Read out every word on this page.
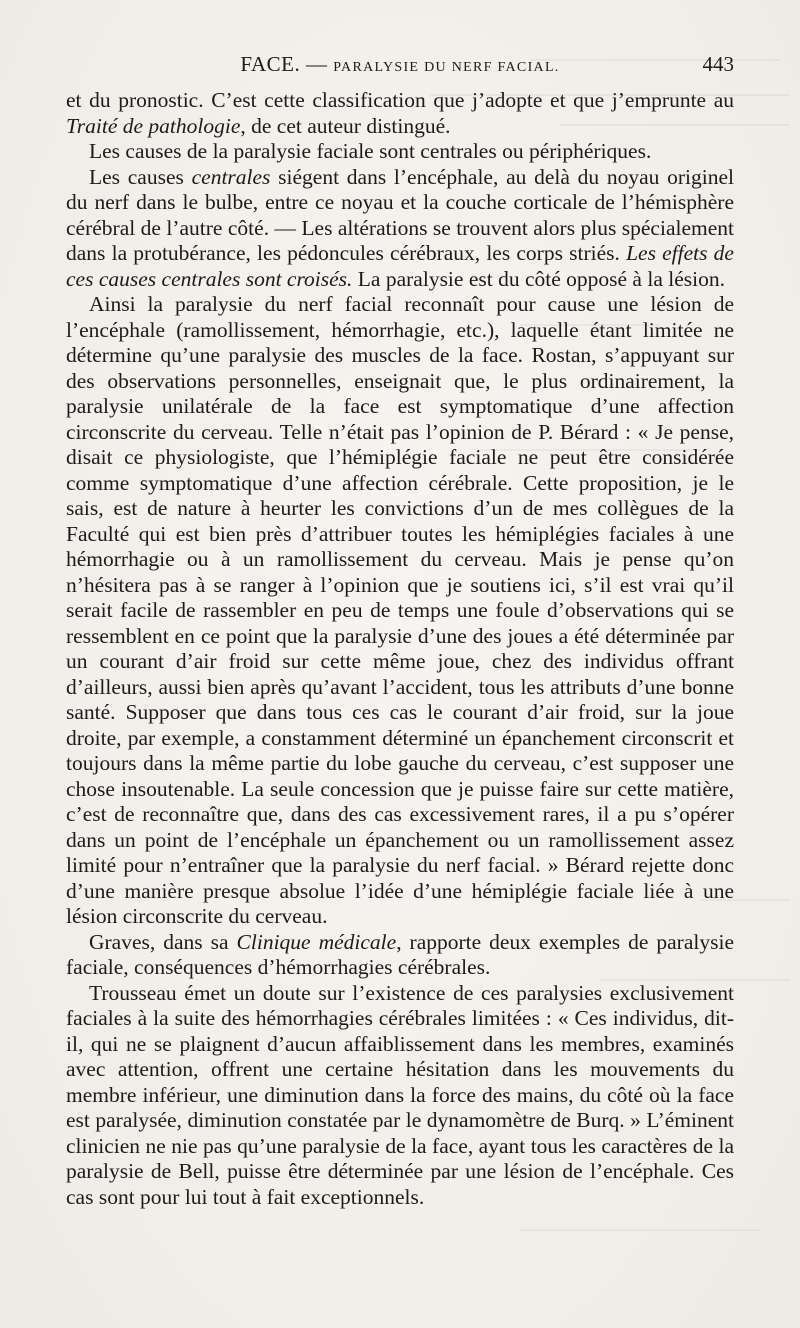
FACE. — PARALYSIE DU NERF FACIAL.	443

et du pronostic. C’est cette classification que j’adopte et que j’emprunte au Traité de pathologie, de cet auteur distingué.

Les causes de la paralysie faciale sont centrales ou périphériques.

Les causes centrales siégent dans l’encéphale, au delà du noyau originel du nerf dans le bulbe, entre ce noyau et la couche corticale de l’hémisphère cérébral de l’autre côté. — Les altérations se trouvent alors plus spécialement dans la protubérance, les pédoncules cérébraux, les corps striés. Les effets de ces causes centrales sont croisés. La paralysie est du côté opposé à la lésion.

Ainsi la paralysie du nerf facial reconnaît pour cause une lésion de l’encéphale (ramollissement, hémorrhagie, etc.), laquelle étant limitée ne détermine qu’une paralysie des muscles de la face. Rostan, s’appuyant sur des observations personnelles, enseignait que, le plus ordinairement, la paralysie unilatérale de la face est symptomatique d’une affection circonscrite du cerveau. Telle n’était pas l’opinion de P. Bérard : « Je pense, disait ce physiologiste, que l’hémiplégie faciale ne peut être considérée comme symptomatique d’une affection cérébrale. Cette proposition, je le sais, est de nature à heurter les convictions d’un de mes collègues de la Faculté qui est bien près d’attribuer toutes les hémiplégies faciales à une hémorrhagie ou à un ramollissement du cerveau. Mais je pense qu’on n’hésitera pas à se ranger à l’opinion que je soutiens ici, s’il est vrai qu’il serait facile de rassembler en peu de temps une foule d’observations qui se ressemblent en ce point que la paralysie d’une des joues a été déterminée par un courant d’air froid sur cette même joue, chez des individus offrant d’ailleurs, aussi bien après qu’avant l’accident, tous les attributs d’une bonne santé. Supposer que dans tous ces cas le courant d’air froid, sur la joue droite, par exemple, a constamment déterminé un épanchement circonscrit et toujours dans la même partie du lobe gauche du cerveau, c’est supposer une chose insoutenable. La seule concession que je puisse faire sur cette matière, c’est de reconnaître que, dans des cas excessivement rares, il a pu s’opérer dans un point de l’encéphale un épanchement ou un ramollissement assez limité pour n’entraîner que la paralysie du nerf facial. » Bérard rejette donc d’une manière presque absolue l’idée d’une hémiplégie faciale liée à une lésion circonscrite du cerveau.

Graves, dans sa Clinique médicale, rapporte deux exemples de paralysie faciale, conséquences d’hémorrhagies cérébrales.

Trousseau émet un doute sur l’existence de ces paralysies exclusivement faciales à la suite des hémorrhagies cérébrales limitées : « Ces individus, dit-il, qui ne se plaignent d’aucun affaiblissement dans les membres, examinés avec attention, offrent une certaine hésitation dans les mouvements du membre inférieur, une diminution dans la force des mains, du côté où la face est paralysée, diminution constatée par le dynamomètre de Burq. » L’éminent clinicien ne nie pas qu’une paralysie de la face, ayant tous les caractères de la paralysie de Bell, puisse être déterminée par une lésion de l’encéphale. Ces cas sont pour lui tout à fait exceptionnels.
